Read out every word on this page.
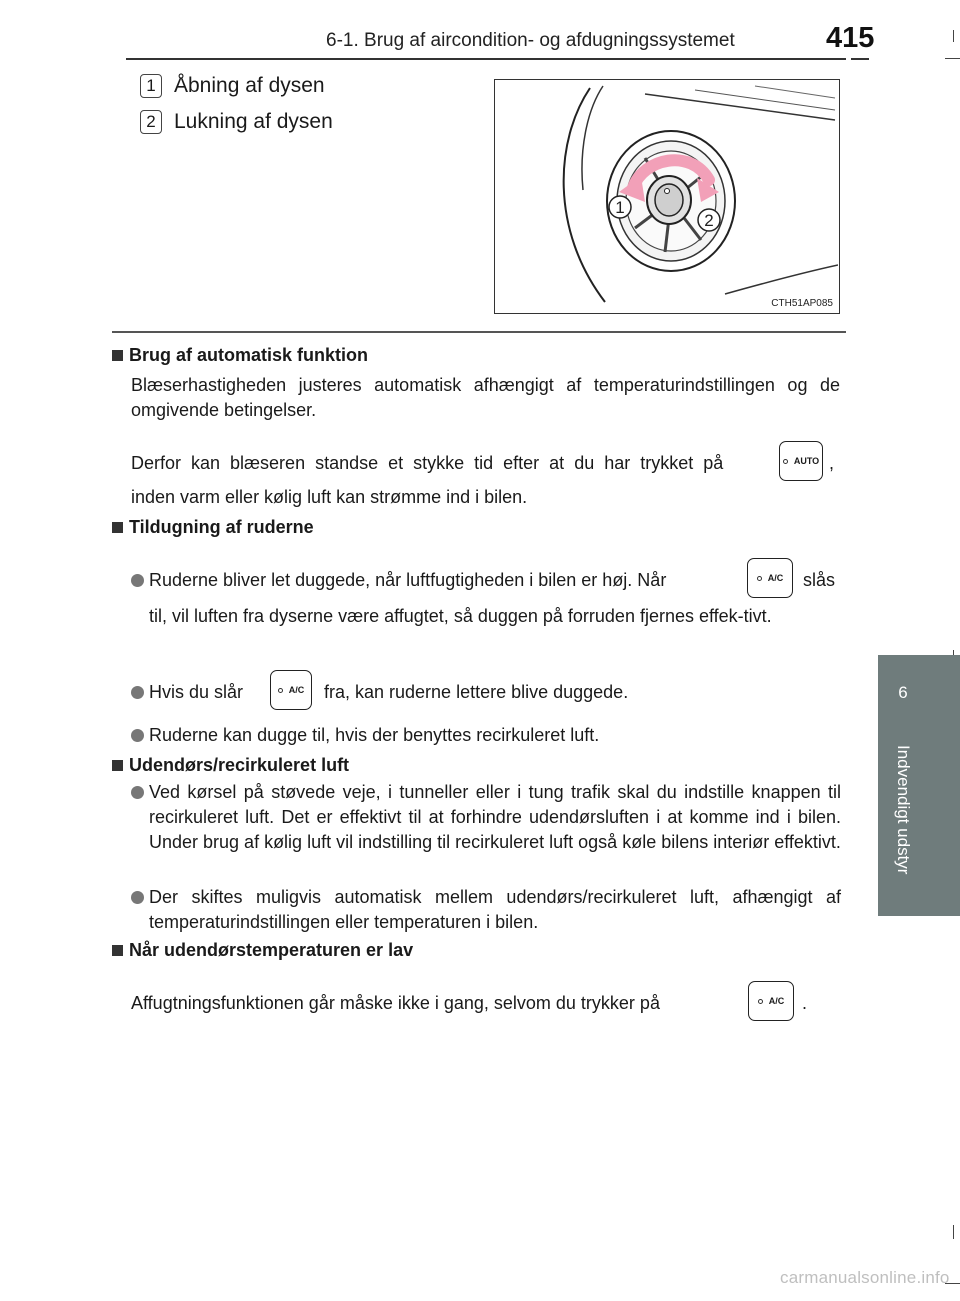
6-1. Brug af aircondition- og afdugningssystemet	415
6
Indvendigt udstyr
1 Åbning af dysen
2 Lukning af dysen
1
2
CTH51AP085
Brug af automatisk funktion
Blæserhastigheden justeres automatisk afhængigt af temperaturindstillingen og de omgivende betingelser.
Derfor kan blæseren standse et stykke tid efter at du har trykket på	AUTO ,
inden varm eller kølig luft kan strømme ind i bilen.
Tildugning af ruderne
Ruderne bliver let duggede, når luftfugtigheden i bilen er høj. Når	A/C slås
til, vil luften fra dyserne være affugtet, så duggen på forruden fjernes effek-tivt.
Hvis du slår	A/C fra, kan ruderne lettere blive duggede.
Ruderne kan dugge til, hvis der benyttes recirkuleret luft.
Udendørs/recirkuleret luft
Ved kørsel på støvede veje, i tunneller eller i tung trafik skal du indstille knappen til recirkuleret luft. Det er effektivt til at forhindre udendørsluften i at komme ind i bilen. Under brug af kølig luft vil indstilling til recirkuleret luft også køle bilens interiør effektivt.
Der skiftes muligvis automatisk mellem udendørs/recirkuleret luft, afhængigt af temperaturindstillingen eller temperaturen i bilen.
Når udendørstemperaturen er lav
Affugtningsfunktionen går måske ikke i gang, selvom du trykker på	A/C .
carmanualsonline.info
